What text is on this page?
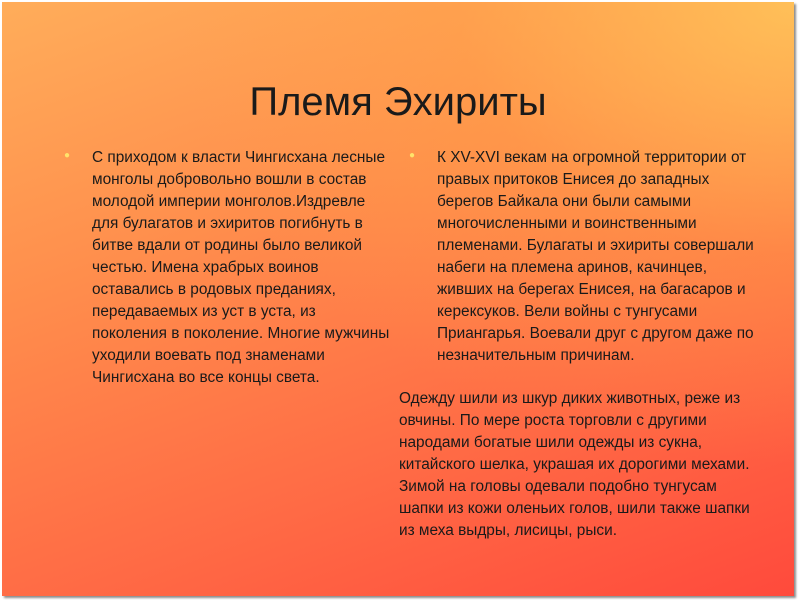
Племя Эхириты
●
С приходом к власти Чингисхана лесные монголы добровольно вошли в состав молодой империи монголов.Издревле для булагатов и эхиритов погибнуть в битве вдали от родины было великой честью. Имена храбрых воинов оставались в родовых преданиях, передаваемых из уст в уста, из поколения в поколение. Многие мужчины уходили воевать под знаменами Чингисхана во все концы света.
●
К XV-XVI векам на огромной территории от правых притоков Енисея до западных берегов Байкала они были самыми многочисленными и воинственными племенами. Булагаты и эхириты совершали набеги на племена аринов, качинцев, живших на берегах Енисея, на багасаров и керексуков. Вели войны с тунгусами Приангарья. Воевали друг с другом даже по незначительным причинам.
Одежду шили из шкур диких животных, реже из овчины. По мере роста торговли с другими народами богатые шили одежды из сукна, китайского шелка, украшая их дорогими мехами. Зимой на головы одевали подобно тунгусам шапки из кожи оленьих голов, шили также шапки из меха выдры, лисицы, рыси.
